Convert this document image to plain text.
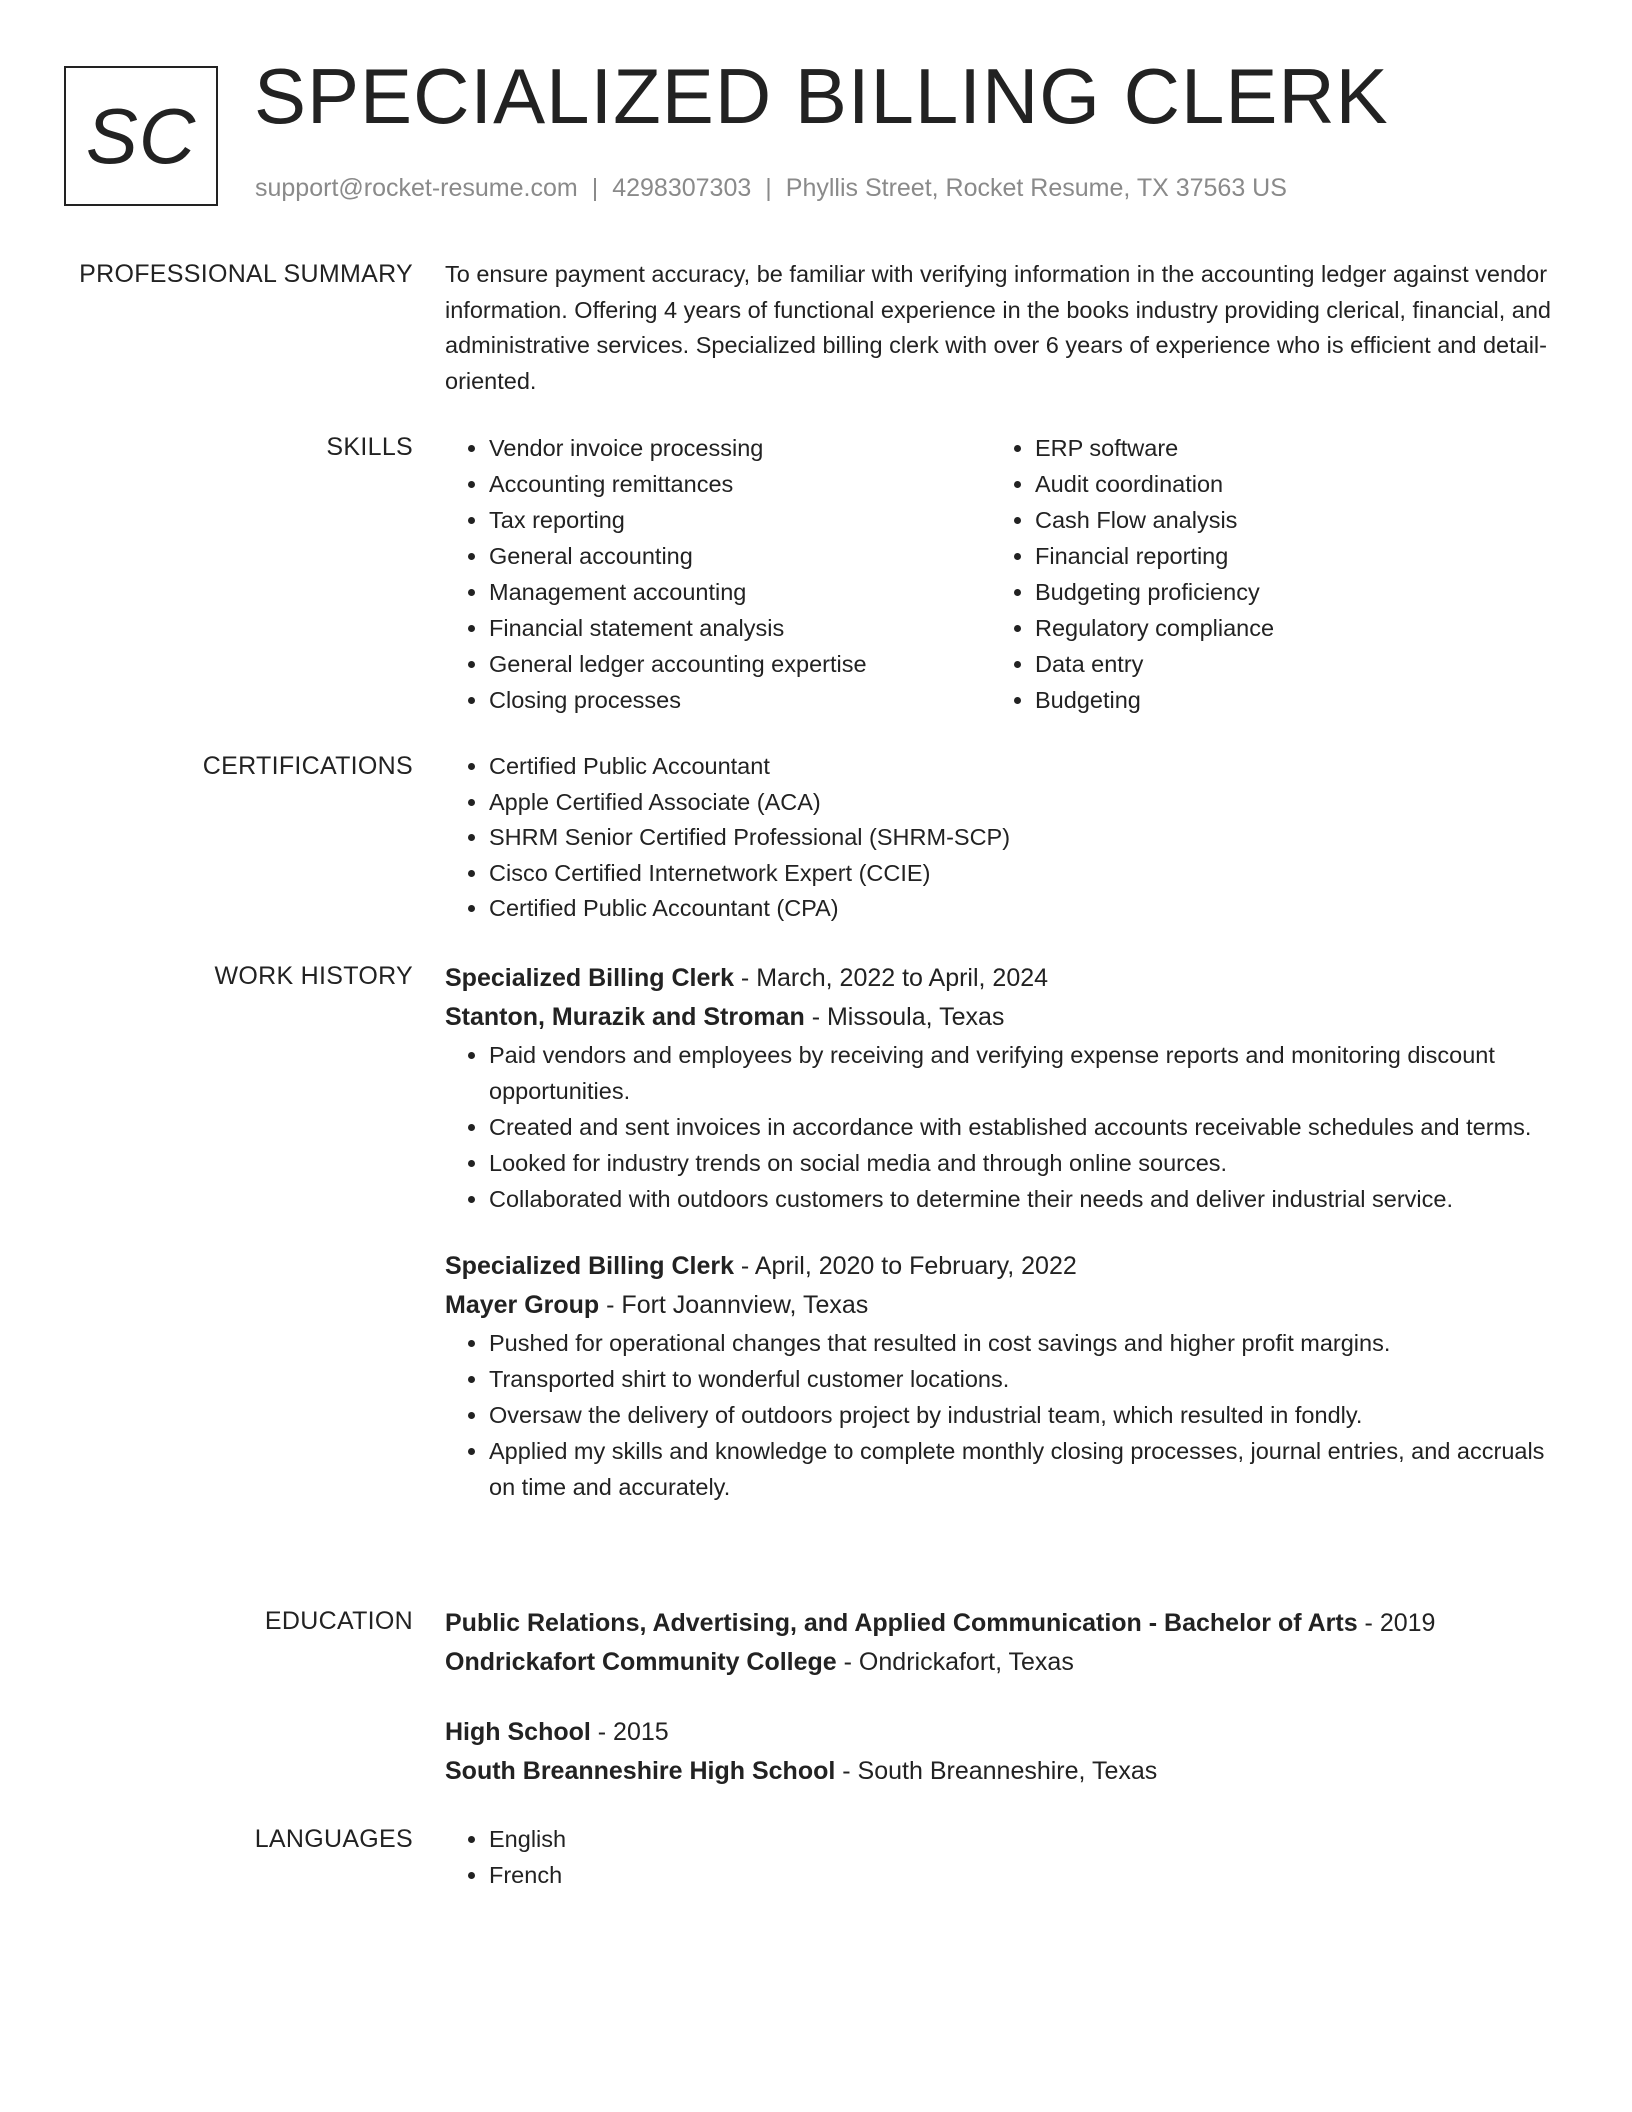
SC SPECIALIZED BILLING CLERK
support@rocket-resume.com | 4298307303 | Phyllis Street, Rocket Resume, TX 37563 US
PROFESSIONAL SUMMARY To ensure payment accuracy, be familiar with verifying information in the accounting ledger against vendor information. Offering 4 years of functional experience in the books industry providing clerical, financial, and administrative services. Specialized billing clerk with over 6 years of experience who is efficient and detail-oriented.
SKILLS	• Vendor invoice processing
• Accounting remittances
• Tax reporting
• General accounting
• Management accounting
• Financial statement analysis
• General ledger accounting expertise
• Closing processes
• ERP software
• Audit coordination
• Cash Flow analysis
• Financial reporting
• Budgeting proficiency
• Regulatory compliance
• Data entry
• Budgeting
CERTIFICATIONS	• Certified Public Accountant
• Apple Certified Associate (ACA)
• SHRM Senior Certified Professional (SHRM-SCP)
• Cisco Certified Internetwork Expert (CCIE)
• Certified Public Accountant (CPA)
WORK HISTORY Specialized Billing Clerk - March, 2022 to April, 2024
Stanton, Murazik and Stroman - Missoula, Texas
• Paid vendors and employees by receiving and verifying expense reports and monitoring discount opportunities.
• Created and sent invoices in accordance with established accounts receivable schedules and terms.
• Looked for industry trends on social media and through online sources.
• Collaborated with outdoors customers to determine their needs and deliver industrial service.
Specialized Billing Clerk - April, 2020 to February, 2022
Mayer Group - Fort Joannview, Texas
• Pushed for operational changes that resulted in cost savings and higher profit margins.
• Transported shirt to wonderful customer locations.
• Oversaw the delivery of outdoors project by industrial team, which resulted in fondly.
• Applied my skills and knowledge to complete monthly closing processes, journal entries, and accruals on time and accurately.
EDUCATION Public Relations, Advertising, and Applied Communication - Bachelor of Arts - 2019
Ondrickafort Community College - Ondrickafort, Texas
High School - 2015
South Breanneshire High School - South Breanneshire, Texas
LANGUAGES	• English
• French
